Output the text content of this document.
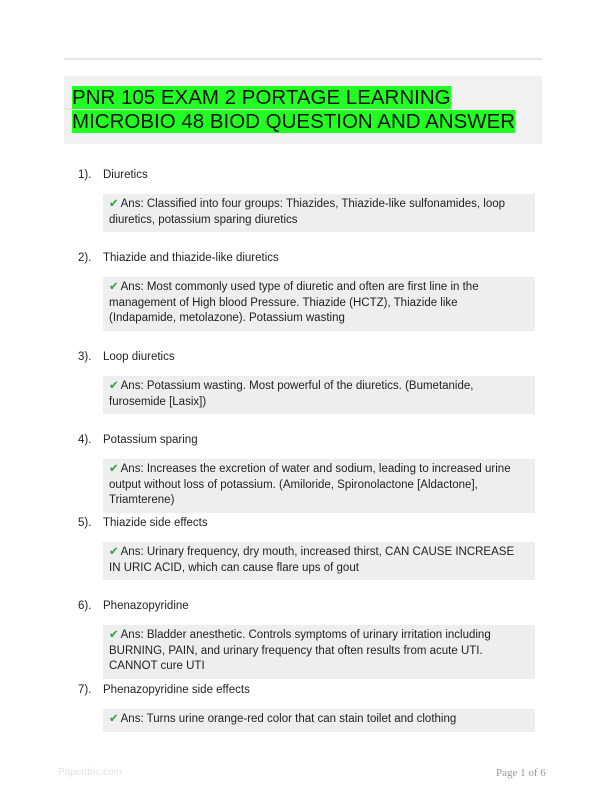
PNR 105 EXAM 2 PORTAGE LEARNING
MICROBIO 48 BIOD QUESTION AND ANSWER
1). Diuretics
✔ Ans: Classified into four groups: Thiazides, Thiazide-like sulfonamides, loop diuretics, potassium sparing diuretics
2). Thiazide and thiazide-like diuretics
✔ Ans: Most commonly used type of diuretic and often are first line in the management of High blood Pressure. Thiazide (HCTZ), Thiazide like (Indapamide, metolazone). Potassium wasting
3). Loop diuretics
✔ Ans: Potassium wasting. Most powerful of the diuretics. (Bumetanide, furosemide [Lasix])
4). Potassium sparing
✔ Ans: Increases the excretion of water and sodium, leading to increased urine output without loss of potassium. (Amiloride, Spironolactone [Aldactone], Triamterene)
5). Thiazide side effects
✔ Ans: Urinary frequency, dry mouth, increased thirst, CAN CAUSE INCREASE IN URIC ACID, which can cause flare ups of gout
6). Phenazopyridine
✔ Ans: Bladder anesthetic. Controls symptoms of urinary irritation including BURNING, PAIN, and urinary frequency that often results from acute UTI. CANNOT cure UTI
7). Phenazopyridine side effects
✔ Ans: Turns urine orange-red color that can stain toilet and clothing
Papertbic.com	Page 1 of 6
